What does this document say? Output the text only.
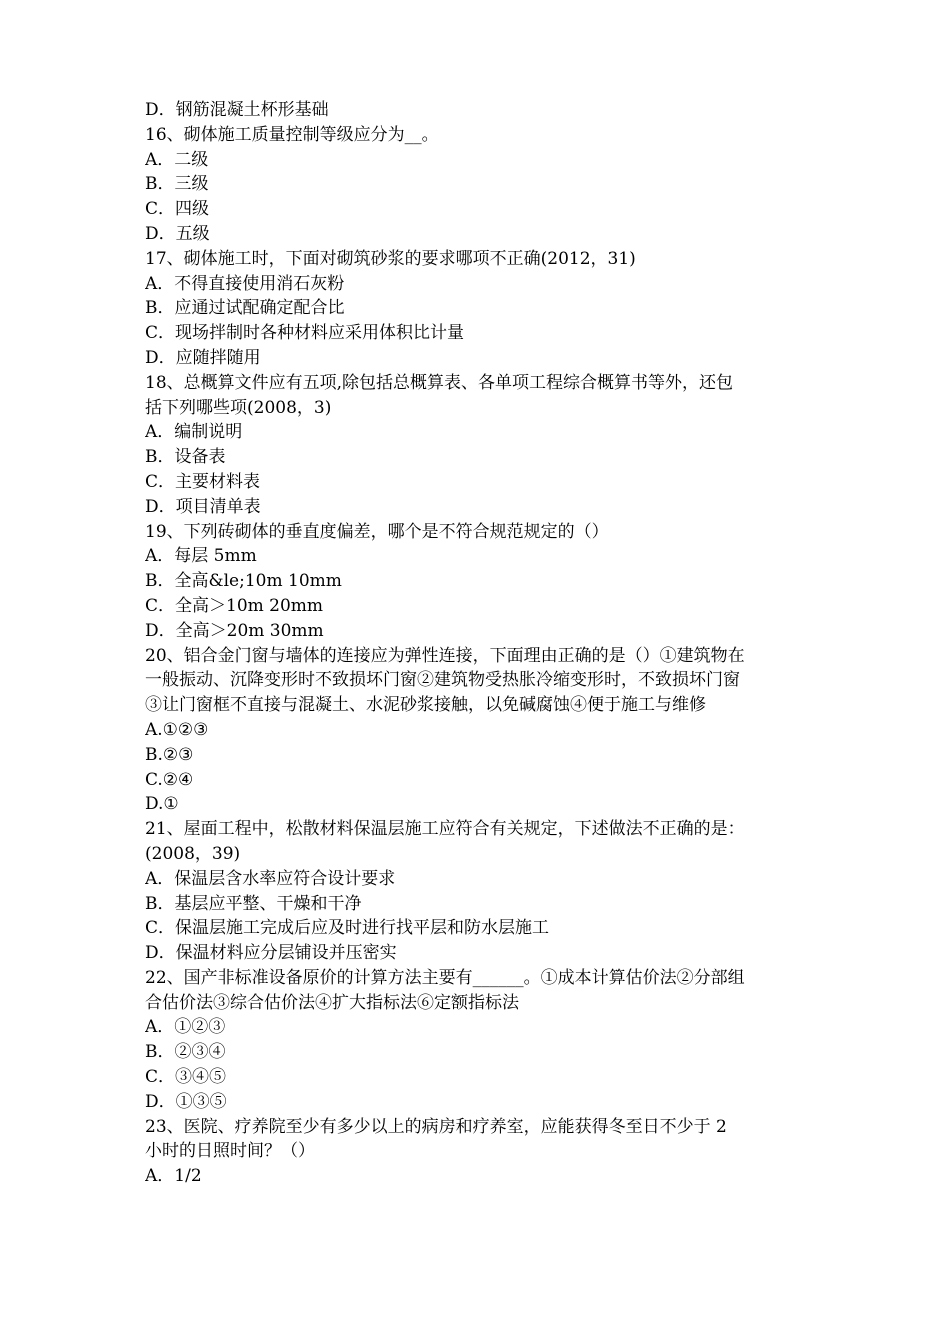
D．钢筋混凝土杯形基础
16、砌体施工质量控制等级应分为__。
A．二级
B．三级
C．四级
D．五级
17、砌体施工时，下面对砌筑砂浆的要求哪项不正确(2012，31)
A．不得直接使用消石灰粉
B．应通过试配确定配合比
C．现场拌制时各种材料应采用体积比计量
D．应随拌随用
18、总概算文件应有五项,除包括总概算表、各单项工程综合概算书等外，还包
括下列哪些项(2008，3)
A．编制说明
B．设备表
C．主要材料表
D．项目清单表
19、下列砖砌体的垂直度偏差，哪个是不符合规范规定的（）
A．每层 5mm
B．全高&le;10m 10mm
C．全高＞10m 20mm
D．全高＞20m 30mm
20、铝合金门窗与墙体的连接应为弹性连接，下面理由正确的是（）①建筑物在
一般振动、沉降变形时不致损坏门窗②建筑物受热胀冷缩变形时，不致损坏门窗
③让门窗框不直接与混凝土、水泥砂浆接触，以免碱腐蚀④便于施工与维修
A.①②③
B.②③
C.②④
D.①
21、屋面工程中，松散材料保温层施工应符合有关规定，下述做法不正确的是：
(2008，39)
A．保温层含水率应符合设计要求
B．基层应平整、干燥和干净
C．保温层施工完成后应及时进行找平层和防水层施工
D．保温材料应分层铺设并压密实
22、国产非标准设备原价的计算方法主要有______。①成本计算估价法②分部组
合估价法③综合估价法④扩大指标法⑥定额指标法
A．①②③
B．②③④
C．③④⑤
D．①③⑤
23、医院、疗养院至少有多少以上的病房和疗养室，应能获得冬至日不少于 2
小时的日照时间？（）
A．1/2
